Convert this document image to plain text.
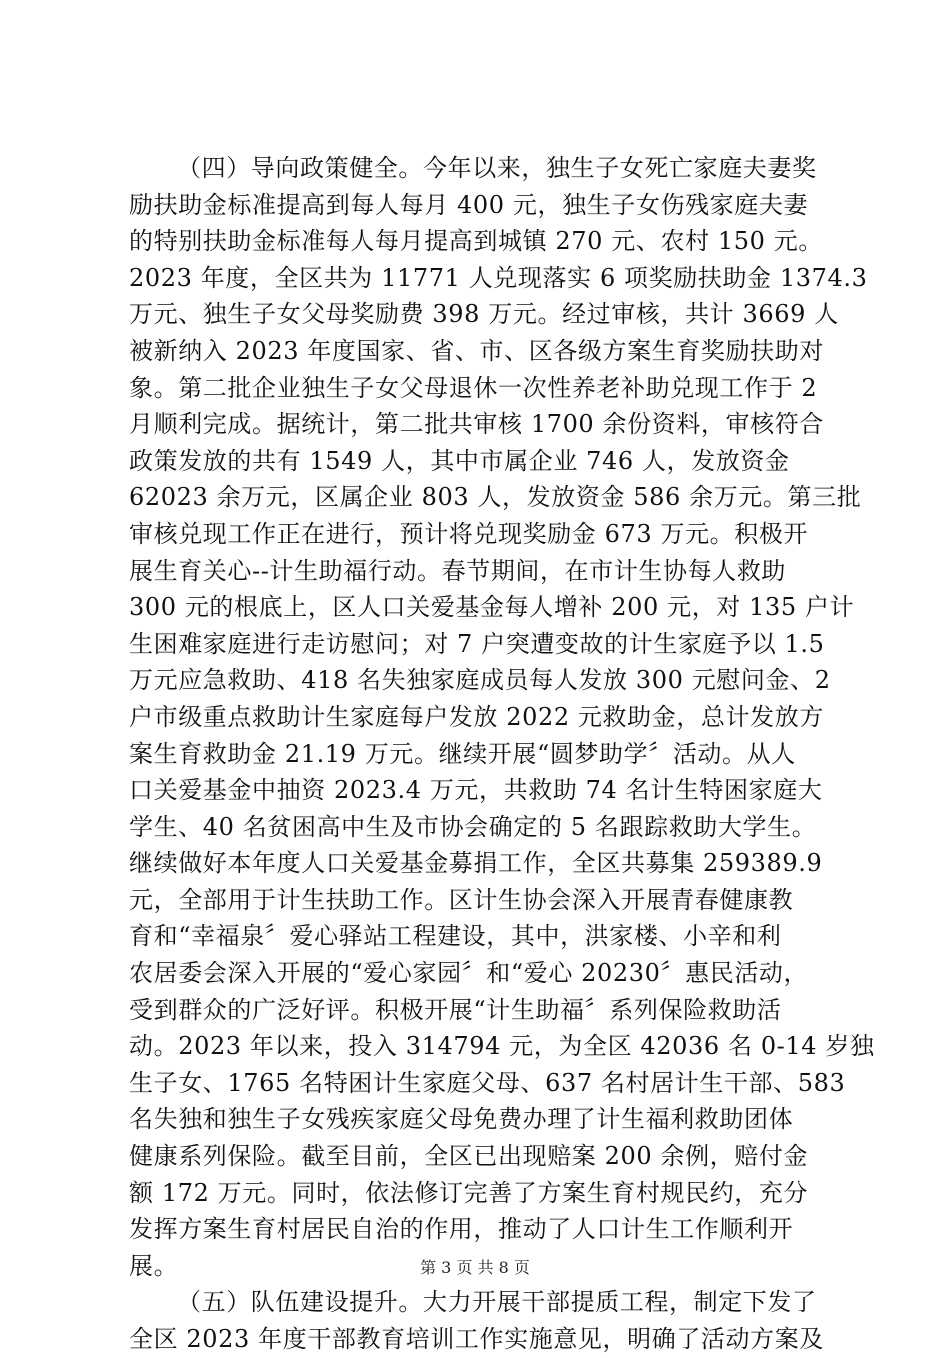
（四）导向政策健全。今年以来，独生子女死亡家庭夫妻奖
励扶助金标准提高到每人每月 400 元，独生子女伤残家庭夫妻
的特别扶助金标准每人每月提高到城镇 270 元、农村 150 元。
2023 年度，全区共为 11771 人兑现落实 6 项奖励扶助金 1374.3
万元、独生子女父母奖励费 398 万元。经过审核，共计 3669 人
被新纳入 2023 年度国家、省、市、区各级方案生育奖励扶助对
象。第二批企业独生子女父母退休一次性养老补助兑现工作于 2
月顺利完成。据统计，第二批共审核 1700 余份资料，审核符合
政策发放的共有 1549 人，其中市属企业 746 人，发放资金
62023 余万元，区属企业 803 人，发放资金 586 余万元。第三批
审核兑现工作正在进行，预计将兑现奖励金 673 万元。积极开
展生育关心--计生助福行动。春节期间，在市计生协每人救助
300 元的根底上，区人口关爱基金每人增补 200 元，对 135 户计
生困难家庭进行走访慰问；对 7 户突遭变故的计生家庭予以 1.5
万元应急救助、418 名失独家庭成员每人发放 300 元慰问金、2
户市级重点救助计生家庭每户发放 2022 元救助金，总计发放方
案生育救助金 21.19 万元。继续开展“圆梦助学〞活动。从人
口关爱基金中抽资 2023.4 万元，共救助 74 名计生特困家庭大
学生、40 名贫困高中生及市协会确定的 5 名跟踪救助大学生。
继续做好本年度人口关爱基金募捐工作，全区共募集 259389.9
元，全部用于计生扶助工作。区计生协会深入开展青春健康教
育和“幸福泉〞爱心驿站工程建设，其中，洪家楼、小辛和利
农居委会深入开展的“爱心家园〞和“爱心 20230〞惠民活动，
受到群众的广泛好评。积极开展“计生助福〞系列保险救助活
动。2023 年以来，投入 314794 元，为全区 42036 名 0-14 岁独
生子女、1765 名特困计生家庭父母、637 名村居计生干部、583
名失独和独生子女残疾家庭父母免费办理了计生福利救助团体
健康系列保险。截至目前，全区已出现赔案 200 余例，赔付金
额 172 万元。同时，依法修订完善了方案生育村规民约，充分
发挥方案生育村居民自治的作用，推动了人口计生工作顺利开
展。
（五）队伍建设提升。大力开展干部提质工程，制定下发了
全区 2023 年度干部教育培训工作实施意见，明确了活动方案及
第 3 页 共 8 页
